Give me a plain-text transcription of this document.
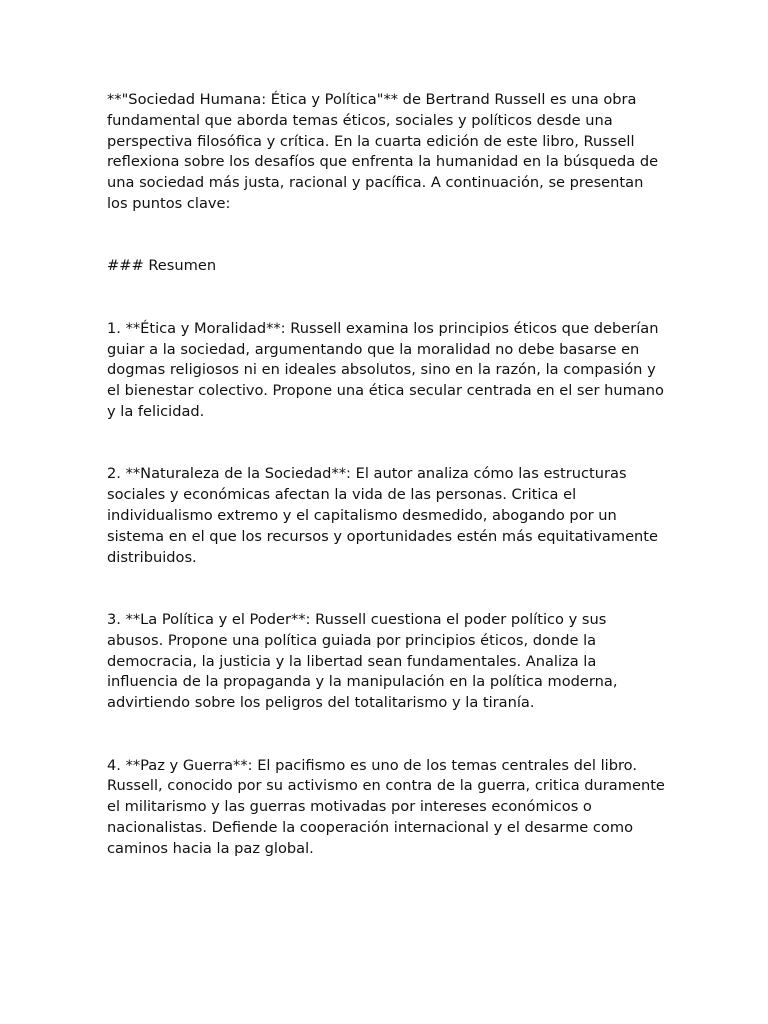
**"Sociedad Humana: Ética y Política"** de Bertrand Russell es una obra fundamental que aborda temas éticos, sociales y políticos desde una perspectiva filosófica y crítica. En la cuarta edición de este libro, Russell reflexiona sobre los desafíos que enfrenta la humanidad en la búsqueda de una sociedad más justa, racional y pacífica. A continuación, se presentan los puntos clave:

### Resumen

1. **Ética y Moralidad**: Russell examina los principios éticos que deberían guiar a la sociedad, argumentando que la moralidad no debe basarse en dogmas religiosos ni en ideales absolutos, sino en la razón, la compasión y el bienestar colectivo. Propone una ética secular centrada en el ser humano y la felicidad.

2. **Naturaleza de la Sociedad**: El autor analiza cómo las estructuras sociales y económicas afectan la vida de las personas. Critica el individualismo extremo y el capitalismo desmedido, abogando por un sistema en el que los recursos y oportunidades estén más equitativamente distribuidos.

3. **La Política y el Poder**: Russell cuestiona el poder político y sus abusos. Propone una política guiada por principios éticos, donde la democracia, la justicia y la libertad sean fundamentales. Analiza la influencia de la propaganda y la manipulación en la política moderna, advirtiendo sobre los peligros del totalitarismo y la tiranía.

4. **Paz y Guerra**: El pacifismo es uno de los temas centrales del libro. Russell, conocido por su activismo en contra de la guerra, critica duramente el militarismo y las guerras motivadas por intereses económicos o nacionalistas. Defiende la cooperación internacional y el desarme como caminos hacia la paz global.
